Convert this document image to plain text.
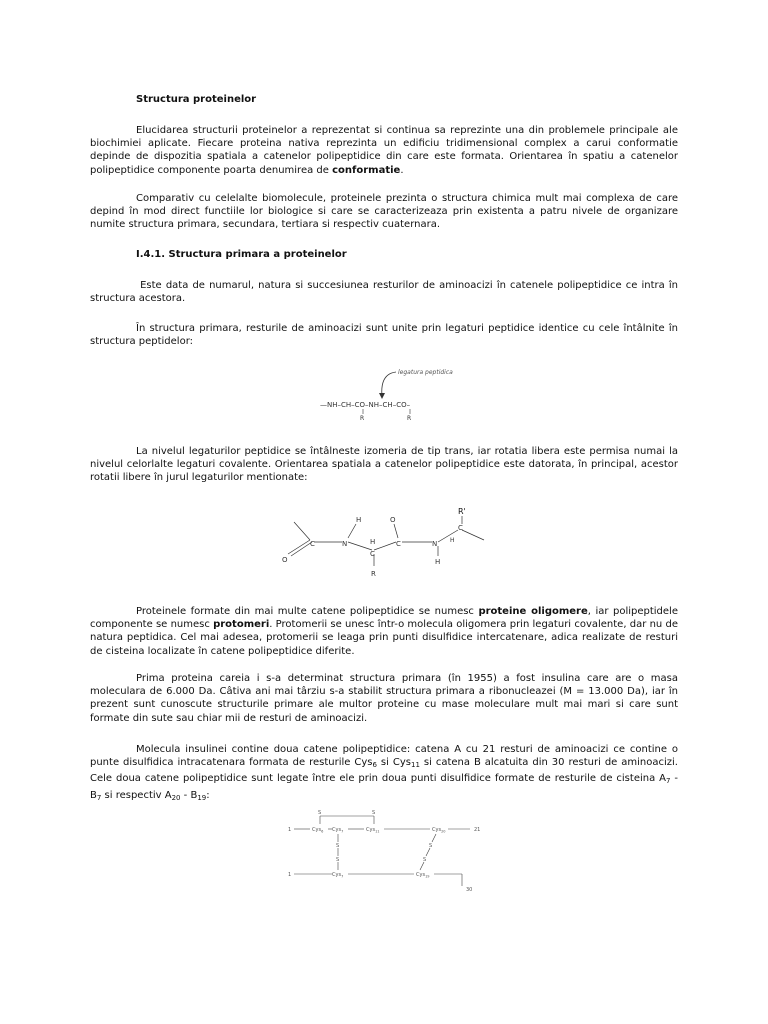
Structura proteinelor

Elucidarea structurii proteinelor a reprezentat si continua sa reprezinte una din problemele principale ale biochimiei aplicate. Fiecare proteina nativa reprezinta un edificiu tridimensional complex a carui conformatie depinde de dispozitia spatiala a catenelor polipeptidice din care este formata. Orientarea în spatiu a catenelor polipeptidice componente poarta denumirea de conformatie.

Comparativ cu celelalte biomolecule, proteinele prezinta o structura chimica mult mai complexa de care depind în mod direct functiile lor biologice si care se caracterizeaza prin existenta a patru nivele de organizare numite structura primara, secundara, tertiara si respectiv cuaternara.

I.4.1. Structura primara a proteinelor

Este data de numarul, natura si succesiunea resturilor de aminoacizi în catenele polipeptidice ce intra în structura acestora.

În structura primara, resturile de aminoacizi sunt unite prin legaturi peptidice identice cu cele întâlnite în structura peptidelor:

legatura peptidica
—NH–CH–CO–NH–CH–CO–
R	R

La nivelul legaturilor peptidice se întâlneste izomeria de tip trans, iar rotatia libera este permisa numai la nivelul celorlalte legaturi covalente. Orientarea spatiala a catenelor polipeptidice este datorata, în principal, acestor rotatii libere în jurul legaturilor mentionate:

O
C	N
H
H
C
R
O
C	N
H
R'
C
H

Proteinele formate din mai multe catene polipeptidice se numesc proteine oligomere, iar polipeptidele componente se numesc protomeri. Protomerii se unesc într-o molecula oligomera prin legaturi covalente, dar nu de natura peptidica. Cel mai adesea, protomerii se leaga prin punti disulfidice intercatenare, adica realizate de resturi de cisteina localizate în catene polipeptidice diferite.

Prima proteina careia i s-a determinat structura primara (în 1955) a fost insulina care are o masa moleculara de 6.000 Da. Câtiva ani mai târziu s-a stabilit structura primara a ribonucleazei (M = 13.000 Da), iar în prezent sunt cunoscute structurile primare ale multor proteine cu mase moleculare mult mai mari si care sunt formate din sute sau chiar mii de resturi de aminoacizi.

Molecula insulinei contine doua catene polipeptidice: catena A cu 21 resturi de aminoacizi ce contine o punte disulfidica intracatenara formata de resturile Cys$_6$ si Cys$_{11}$ si catena B alcatuita din 30 resturi de aminoacizi. Cele doua catene polipeptidice sunt legate între ele prin doua punti disulfidice formate de resturile de cisteina $A_7 - B_7$ si respectiv $A_{20} - B_{19}$:

1	Cys$_6$ Cys$_7$	Cys$_{11}$	Cys$_{20}$	21
S	S
S
S
S
S
1	Cys$_7$	Cys$_{19}$
30
